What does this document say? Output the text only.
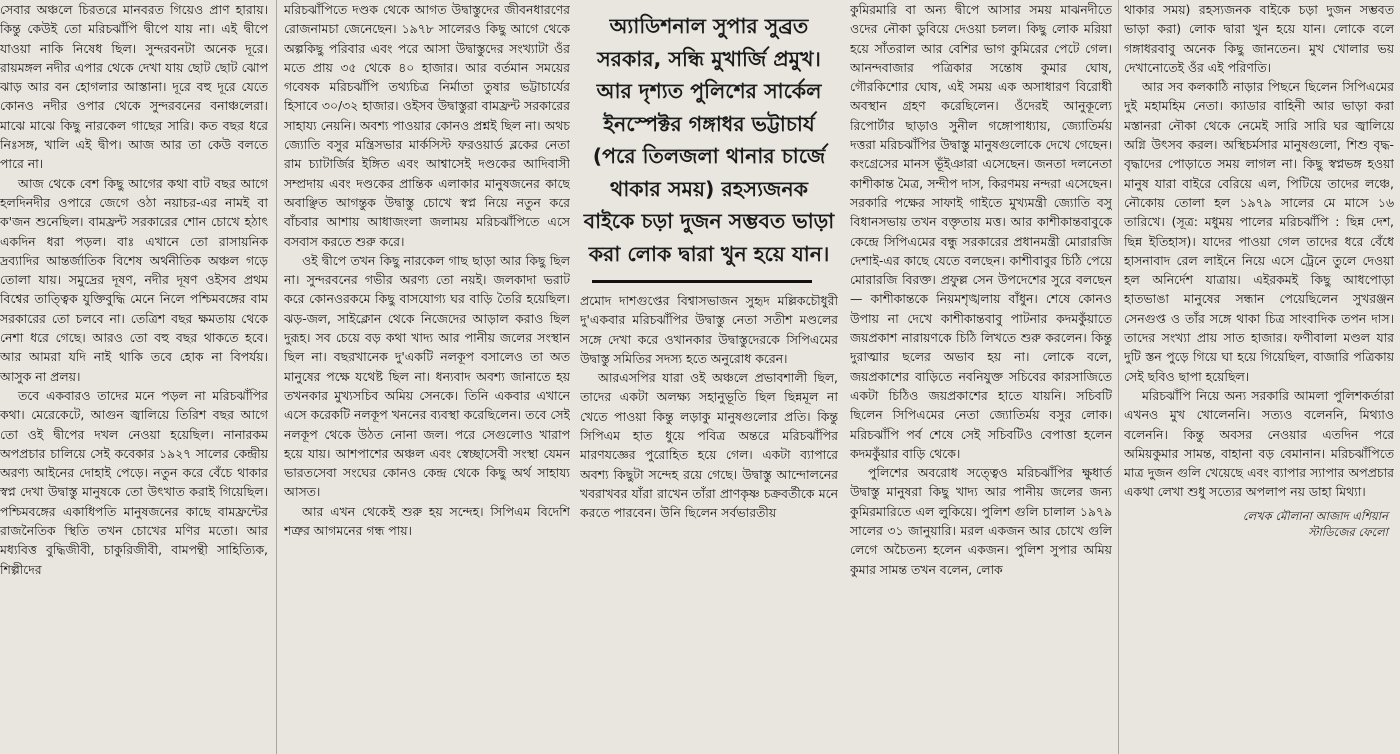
সেবার অঞ্চলে চিরতরে মানবরত গিয়েও প্রাণ হারায়। কিন্তু কেউই তো মরিচঝাঁপি দ্বীপে যায় না। এই দ্বীপে যাওয়া নাকি নিষেধ ছিল। সুন্দরবনটা অনেক দূরে। রায়মঙ্গল নদীর এপার থেকে দেখা যায় ছোট ছোট ঝোপ ঝাড় আর বন হোগলার আস্তানা। দূরে বহু দূরে যেতে কোনও নদীর ওপার থেকে সুন্দরবনের বনাঞ্চলেরা। মাঝে মাঝে কিছু নারকেল গাছের সারি। কত বছর ধরে নিঃসঙ্গ, খালি এই দ্বীপ। আজ আর তা কেউ বলতে পারে না।

আজ থেকে বেশ কিছু আগের কথা বাট বছর আগে হলদিনদীর ওপারে জেগে ওঠা নয়াচর-এর নামই বা ক'জন শুনেছিল। বামফ্রন্ট সরকারের শোন চোখে হঠাৎ একদিন ধরা পড়ল। বাঃ এখানে তো রাসায়নিক দ্রব্যাদির আন্তর্জাতিক বিশেষ অর্থনীতিক অঞ্চল গড়ে তোলা যায়। সমুদ্রের দূষণ, নদীর দূষণ ওইসব প্রথম বিশ্বের তাত্ত্বিক যুক্তিবুদ্ধি মেনে নিলে পশ্চিমবঙ্গের বাম সরকারের তো চলবে না। তেত্রিশ বছর ক্ষমতায় থেকে নেশা ধরে গেছে। আরও তো বহু বছর থাকতে হবে। আর আমরা যদি নাই থাকি তবে হোক না বিপর্যয়। আসুক না প্রলয়।

তবে একবারও তাদের মনে পড়ল না মরিচঝাঁপির কথা। মেরেকেটে, আগুন জ্বালিয়ে তিরিশ বছর আগে তো ওই দ্বীপের দখল নেওয়া হয়েছিল। নানারকম অপপ্রচার চালিয়ে সেই কবেকার ১৯২৭ সালের কেন্দ্রীয় অরণ্য আইনের দোহাই পেড়ে। নতুন করে বেঁচে থাকার স্বপ্ন দেখা উদ্বাস্তু মানুষকে তো উৎখাত করাই গিয়েছিল। পশ্চিমবঙ্গের একাধিপতি মানুষজনের কাছে বামফ্রন্টের রাজনৈতিক স্থিতি তখন চোখের মণির মতো। আর মধ্যবিত্ত বুদ্ধিজীবী, চাকুরিজীবী, বামপন্থী সাহিত্যিক, শিল্পীদের

মরিচঝাঁপিতে দণ্ডক থেকে আগত উদ্বাস্তুদের জীবনধারণের রোজনামচা জেনেছেন। ১৯৭৮ সালেরও কিছু আগে থেকে অল্পকিছু পরিবার এবং পরে আসা উদ্বাস্তুদের সংখ্যাটা ওঁর মতে প্রায় ৩৫ থেকে ৪০ হাজার। আর বর্তমান সময়ের গবেষক মরিচঝাঁপি তথ্যচিত্র নির্মাতা তুষার ভট্টাচার্যের হিসাবে ৩০/৩২ হাজার। ওইসব উদ্বাস্তুরা বামফ্রন্ট সরকারের সাহায্য নেয়নি। অবশ্য পাওয়ার কোনও প্রশ্নই ছিল না। অথচ জ্যোতি বসুর মন্ত্রিসভার মার্কসিস্ট ফরওয়ার্ড ব্লকের নেতা রাম চ্যাটার্জির ইঙ্গিত এবং আশ্বাসেই দণ্ডকের আদিবাসী সম্প্রদায় এবং দণ্ডকের প্রান্তিক এলাকার মানুষজনের কাছে অবাঞ্ছিত আগন্তুক উদ্বাস্তু চোখে স্বপ্ন নিয়ে নতুন করে বাঁচবার আশায় আধাজংলা জলাময় মরিচঝাঁপিতে এসে বসবাস করতে শুরু করে।

ওই দ্বীপে তখন কিছু নারকেল গাছ ছাড়া আর কিছু ছিল না। সুন্দরবনের গভীর অরণ্য তো নয়ই। জলকাদা ভরাট করে কোনওরকমে কিছু বাসযোগ্য ঘর বাড়ি তৈরি হয়েছিল। ঝড়-জল, সাইক্লোন থেকে নিজেদের আড়াল করাও ছিল দুরূহ। সব চেয়ে বড় কথা খাদ্য আর পানীয় জলের সংস্থান ছিল না। বছরখানেক দু'একটি নলকূপ বসালেও তা অত মানুষের পক্ষে যথেষ্ট ছিল না। ধন্যবাদ অবশ্য জানাতে হয় তখনকার মুখ্যসচিব অমিয় সেনকে। তিনি একবার এখানে এসে করেকটি নলকূপ খননের ব্যবস্থা করেছিলেন। তবে সেই নলকূপ থেকে উঠত নোনা জল। পরে সেগুলোও খারাপ হয়ে যায়। আশপাশের অঞ্চল এবং স্বেচ্ছাসেবী সংস্থা যেমন ভারতসেবা সংঘের কোনও কেন্দ্র থেকে কিছু অর্থ সাহায্য আসত।

আর এখন থেকেই শুরু হয় সন্দেহ। সিপিএম বিদেশি শত্রুর আগমনের গন্ধ পায়।

অ্যাডিশনাল সুপার সুব্রত সরকার, সন্ধি মুখার্জি প্রমুখ। আর দৃশ্যত পুলিশের সার্কেল ইনস্পেক্টর গঙ্গাধর ভট্টাচার্য (পরে তিলজলা থানার চার্জে থাকার সময়) রহস্যজনক বাইকে চড়া দুজন সম্ভবত ভাড়া করা লোক দ্বারা খুন হয়ে যান।

প্রমোদ দাশগুপ্তের বিশ্বাসভাজন সুহৃদ মল্লিকচৌধুরী দু'একবার মরিচঝাঁপির উদ্বাস্তু নেতা সতীশ মণ্ডলের সঙ্গে দেখা করে ওখানকার উদ্বাস্তুদেরকে সিপিএমের উদ্বাস্তু সমিতির সদস্য হতে অনুরোধ করেন।

আরএসপির যারা ওই অঞ্চলে প্রভাবশালী ছিল, তাদের একটা অলক্ষ্য সহানুভূতি ছিল ছিন্নমূল না খেতে পাওয়া কিন্তু লড়াকু মানুষগুলোর প্রতি। কিন্তু সিপিএম হাত ধুয়ে পবিত্র অন্তরে মরিচঝাঁপির মারণযজ্ঞের পুরোহিত হয়ে গেল। একটা ব্যাপারে অবশ্য কিছুটা সন্দেহ রয়ে গেছে। উদ্বাস্তু আন্দোলনের খবরাখবর যাঁরা রাখেন তাঁরা প্রাণকৃষ্ণ চক্রবর্তীকে মনে করতে পারবেন। উনি ছিলেন সর্বভারতীয়

কুমিরমারি বা অন্য দ্বীপে আসার সময় মাঝনদীতে ওদের নৌকা ডুবিয়ে দেওয়া চলল। কিছু লোক মরিয়া হয়ে সাঁতরাল আর বেশির ভাগ কুমিরের পেটে গেল। আনন্দবাজার পত্রিকার সন্তোষ কুমার ঘোষ, গৌরকিশোর ঘোষ, এই সময় এক অসাধারণ বিরোধী অবস্থান গ্রহণ করেছিলেন। ওঁদেরই আনুকূল্যে রিপোর্টার ছাড়াও সুনীল গঙ্গোপাধ্যায়, জ্যোতির্ময় দত্তরা মরিচঝাঁপির উদ্বাস্তু মানুষগুলোকে দেখে গেছেন। কংগ্রেসের মানস ভূঁইঞারা এসেছেন। জনতা দলনেতা কাশীকান্ত মৈত্র, সন্দীপ দাস, কিরণময় নন্দরা এসেছেন। সরকারি পক্ষের সাফাই গাইতে মুখ্যমন্ত্রী জ্যোতি বসু বিধানসভায় তখন বক্তৃতায় মত্ত। আর কাশীকান্তবাবুকে কেন্দ্রে সিপিএমের বন্ধু সরকারের প্রধানমন্ত্রী মোরারজি দেশাই-এর কাছে যেতে বলছেন। কাশীবাবুর চিঠি পেয়ে মোরারজি বিরক্ত। প্রফুল্ল সেন উপদেশের সুরে বলছেন— কাশীকান্তকে নিয়মশৃঙ্খলায় বাঁধুন। শেষে কোনও উপায় না দেখে কাশীকান্তবাবু পাটনার কদমকুঁয়াতে জয়প্রকাশ নারায়ণকে চিঠি লিখতে শুরু করলেন। কিন্তু দুরাত্মার ছলের অভাব হয় না। লোকে বলে, জয়প্রকাশের বাড়িতে নবনিযুক্ত সচিবের কারসাজিতে একটা চিঠিও জয়প্রকাশের হাতে যায়নি। সচিবটি ছিলেন সিপিএমের নেতা জ্যোতির্ময় বসুর লোক। মরিচঝাঁপি পর্ব শেষে সেই সচিবটিও বেপাত্তা হলেন কদমকুঁয়ার বাড়ি থেকে।

পুলিশের অবরোধ সত্ত্বেও মরিচঝাঁপির ক্ষুধার্ত উদ্বাস্তু মানুষরা কিছু খাদ্য আর পানীয় জলের জন্য কুমিরমারিতে এল লুকিয়ে। পুলিশ গুলি চালাল ১৯৭৯ সালের ৩১ জানুয়ারি। মরল একজন আর চোখে গুলি লেগে অচৈতন্য হলেন একজন। পুলিশ সুপার অমিয় কুমার সামন্ত তখন বলেন, লোক

থাকার সময়) রহস্যজনক বাইকে চড়া দুজন সম্ভবত ভাড়া করা) লোক দ্বারা খুন হয়ে যান। লোকে বলে গঙ্গাধরবাবু অনেক কিছু জানতেন। মুখ খোলার ভয় দেখানোতেই ওঁর এই পরিণতি।

আর সব কলকাঠি নাড়ার পিছনে ছিলেন সিপিএমের দুই মহামহিম নেতা। ক্যাডার বাহিনী আর ভাড়া করা মস্তানরা নৌকা থেকে নেমেই সারি সারি ঘর জ্বালিয়ে অগ্নি উৎসব করল। অস্থিচর্মসার মানুষগুলো, শিশু বৃদ্ধ-বৃদ্ধাদের পোড়াতে সময় লাগল না। কিছু স্বপ্নভঙ্গ হওয়া মানুষ যারা বাইরে বেরিয়ে এল, পিটিয়ে তাদের লঞ্চে, নৌকোয় তোলা হল ১৯৭৯ সালের মে মাসে ১৬ তারিখে। (সূত্র: মধুময় পালের মরিচঝাঁপি : ছিন্ন দেশ, ছিন্ন ইতিহাস)। যাদের পাওয়া গেল তাদের ধরে বেঁধে হাসনাবাদ রেল লাইনে নিয়ে এসে ট্রেনে তুলে দেওয়া হল অনির্দেশ যাত্রায়। এইরকমই কিছু আধপোড়া হাতভাঙা মানুষের সন্ধান পেয়েছিলেন সুখরঞ্জন সেনগুপ্ত ও তাঁর সঙ্গে থাকা চিত্র সাংবাদিক তপন দাস। তাদের সংখ্যা প্রায় সাত হাজার। ফণীবালা মণ্ডল যার দুটি স্তন পুড়ে গিয়ে ঘা হয়ে গিয়েছিল, বাজারি পত্রিকায় সেই ছবিও ছাপা হয়েছিল।

মরিচঝাঁপি নিয়ে অন্য সরকারি আমলা পুলিশকর্তারা এখনও মুখ খোলেননি। সত্যও বলেননি, মিথ্যাও বলেননি। কিন্তু অবসর নেওয়ার এতদিন পরে অমিয়কুমার সামন্ত, বাহানা বড় বেমানান। মরিচঝাঁপিতে মাত্র দুজন গুলি খেয়েছে এবং ব্যাপার স্যাপার অপপ্রচার একথা লেখা শুধু সত্যের অপলাপ নয় ডাহা মিথ্যা।

লেখক মৌলানা আজাদ এশিয়ান
স্টাডিজের ফেলো
